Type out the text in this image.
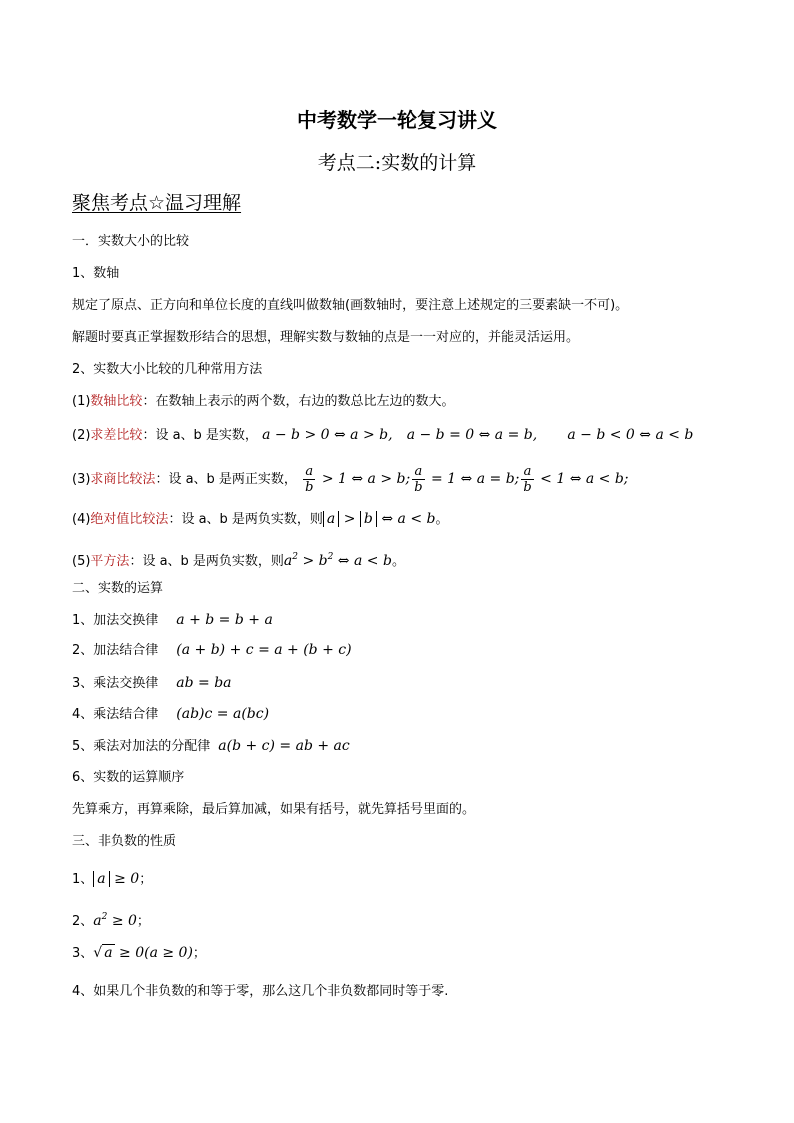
中考数学一轮复习讲义
考点二:实数的计算
聚焦考点☆温习理解
一．实数大小的比较
1、数轴
规定了原点、正方向和单位长度的直线叫做数轴(画数轴时，要注意上述规定的三要素缺一不可)。
解题时要真正掌握数形结合的思想，理解实数与数轴的点是一一对应的，并能灵活运用。
2、实数大小比较的几种常用方法
(1)数轴比较：在数轴上表示的两个数，右边的数总比左边的数大。
(2)求差比较：设 a、b 是实数， a − b > 0 ⇔ a > b, a − b = 0 ⇔ a = b, a − b < 0 ⇔ a < b
(3)求商比较法：设 a、b 是两正实数， $\frac{a}{b} > 1$ ⇔ a > b; $\frac{a}{b} = 1$ ⇔ a = b; $\frac{a}{b} < 1$ ⇔ a < b;
(4)绝对值比较法：设 a、b 是两负实数，则 a > b ⇔ a < b。
(5)平方法：设 a、b 是两负实数，则$a^2 > b^2$ ⇔ a < b。
二、实数的运算
1、加法交换律 a + b = b + a
2、加法结合律 (a + b) + c = a + (b + c)
3、乘法交换律 ab = ba
4、乘法结合律 (ab)c = a(bc)
5、乘法对加法的分配律 a(b + c) = ab + ac
6、实数的运算顺序
先算乘方，再算乘除，最后算加减，如果有括号，就先算括号里面的。
三、非负数的性质
1、 a ≥ 0；
2、$a^2 \ge 0$；
3、√ a ≥ 0(a ≥ 0)；
4、如果几个非负数的和等于零，那么这几个非负数都同时等于零.
